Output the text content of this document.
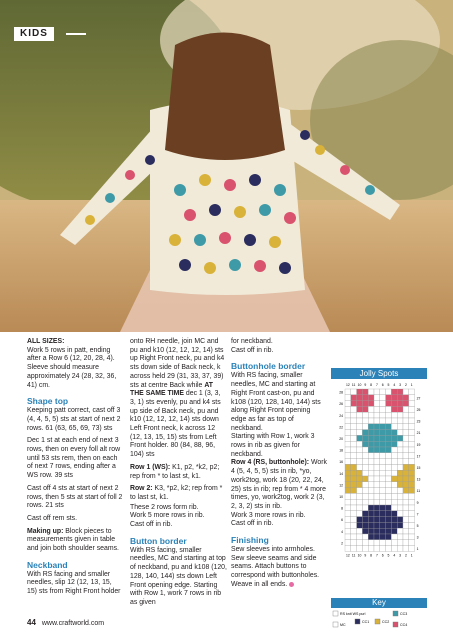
KIDS

ALL SIZES:
Work 5 rows in patt, ending after a Row 6 (12, 20, 28, 4). Sleeve should measure approximately 24 (28, 32, 36, 41) cm.

Shape top

Keeping patt correct, cast off 3 (4, 4, 5, 5) sts at start of next 2 rows. 61 (63, 65, 69, 73) sts

Dec 1 st at each end of next 3 rows, then on every foll alt row until 53 sts rem, then on each of next 7 rows, ending after a WS row. 39 sts

Cast off 4 sts at start of next 2 rows, then 5 sts at start of foll 2 rows. 21 sts

Cast off rem sts.

Making up: Block pieces to measurements given in table and join both shoulder seams.

Neckband

With RS facing and smaller needles, slip 12 (12, 13, 15, 15) sts from Right Front holder

onto RH needle, join MC and pu and k10 (12, 12, 12, 14) sts up Right Front neck, pu and k4 sts down side of Back neck, k across held 29 (31, 33, 37, 39) sts at centre Back while AT THE SAME TIME dec 1 (3, 3, 3, 1) sts evenly, pu and k4 sts up side of Back neck, pu and k10 (12, 12, 12, 14) sts down Left Front neck, k across 12 (12, 13, 15, 15) sts from Left Front holder. 80 (84, 88, 96, 104) sts

Row 1 (WS): K1, p2, *k2, p2; rep from * to last st, k1.

Row 2: K3, *p2, k2; rep from * to last st, k1.

These 2 rows form rib.

Work 5 more rows in rib.

Cast off in rib.

Button border

With RS facing, smaller needles, MC and starting at top of neckband, pu and k108 (120, 128, 140, 144) sts down Left Front opening edge. Starting with Row 1, work 7 rows in rib as given

for neckband.

Cast off in rib.

Buttonhole border

With RS facing, smaller needles, MC and starting at Right Front cast-on, pu and k108 (120, 128, 140, 144) sts along Right Front opening edge as far as top of neckband.

Starting with Row 1, work 3 rows in rib as given for neckband.

Row 4 (RS, buttonhole): Work 4 (5, 4, 5, 5) sts in rib, *yo, work2tog, work 18 (20, 22, 24, 25) sts in rib; rep from * 4 more times, yo, work2tog, work 2 (3, 2, 3, 2) sts in rib.

Work 3 more rows in rib.

Cast off in rib.

Finishing

Sew sleeves into armholes. Sew sleeve seams and side seams. Attach buttons to correspond with buttonholes. Weave in all ends.

Jolly Spots
12 11 10 9 8 7 6 5 4 3 2 1
28
27
26
25
24
23
22
21
20
19
18
17
16
15
14
13
12
11
10
9
8
7
6
5
4
3
2
1
12 11 10 9 8 7 6 5 4 3 2 1
Key
RS knit WS purl
MC
CC1	CC2
CC3
CC4
44 www.craftworld.com
